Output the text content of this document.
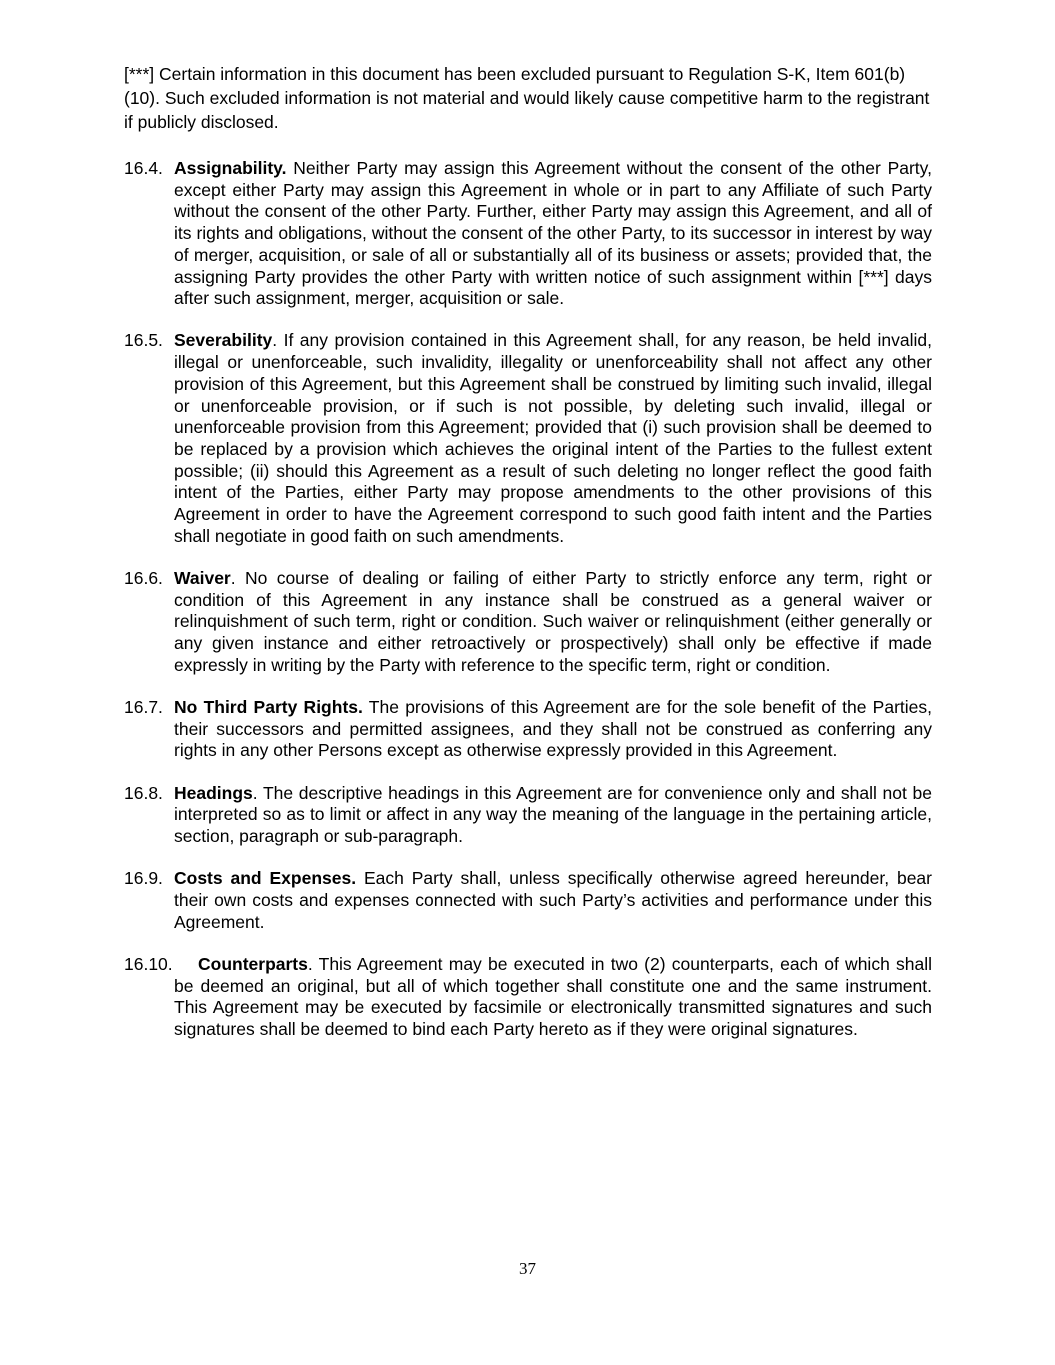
[***] Certain information in this document has been excluded pursuant to Regulation S-K, Item 601(b)(10). Such excluded information is not material and would likely cause competitive harm to the registrant if publicly disclosed.

16.4. Assignability. Neither Party may assign this Agreement without the consent of the other Party, except either Party may assign this Agreement in whole or in part to any Affiliate of such Party without the consent of the other Party. Further, either Party may assign this Agreement, and all of its rights and obligations, without the consent of the other Party, to its successor in interest by way of merger, acquisition, or sale of all or substantially all of its business or assets; provided that, the assigning Party provides the other Party with written notice of such assignment within [***] days after such assignment, merger, acquisition or sale.
16.5. Severability. If any provision contained in this Agreement shall, for any reason, be held invalid, illegal or unenforceable, such invalidity, illegality or unenforceability shall not affect any other provision of this Agreement, but this Agreement shall be construed by limiting such invalid, illegal or unenforceable provision, or if such is not possible, by deleting such invalid, illegal or unenforceable provision from this Agreement; provided that (i) such provision shall be deemed to be replaced by a provision which achieves the original intent of the Parties to the fullest extent possible; (ii) should this Agreement as a result of such deleting no longer reflect the good faith intent of the Parties, either Party may propose amendments to the other provisions of this Agreement in order to have the Agreement correspond to such good faith intent and the Parties shall negotiate in good faith on such amendments.
16.6. Waiver. No course of dealing or failing of either Party to strictly enforce any term, right or condition of this Agreement in any instance shall be construed as a general waiver or relinquishment of such term, right or condition. Such waiver or relinquishment (either generally or any given instance and either retroactively or prospectively) shall only be effective if made expressly in writing by the Party with reference to the specific term, right or condition.
16.7. No Third Party Rights. The provisions of this Agreement are for the sole benefit of the Parties, their successors and permitted assignees, and they shall not be construed as conferring any rights in any other Persons except as otherwise expressly provided in this Agreement.
16.8. Headings. The descriptive headings in this Agreement are for convenience only and shall not be interpreted so as to limit or affect in any way the meaning of the language in the pertaining article, section, paragraph or sub-paragraph.
16.9. Costs and Expenses. Each Party shall, unless specifically otherwise agreed hereunder, bear their own costs and expenses connected with such Party’s activities and performance under this Agreement.
16.10. Counterparts. This Agreement may be executed in two (2) counterparts, each of which shall be deemed an original, but all of which together shall constitute one and the same instrument. This Agreement may be executed by facsimile or electronically transmitted signatures and such signatures shall be deemed to bind each Party hereto as if they were original signatures.
37
